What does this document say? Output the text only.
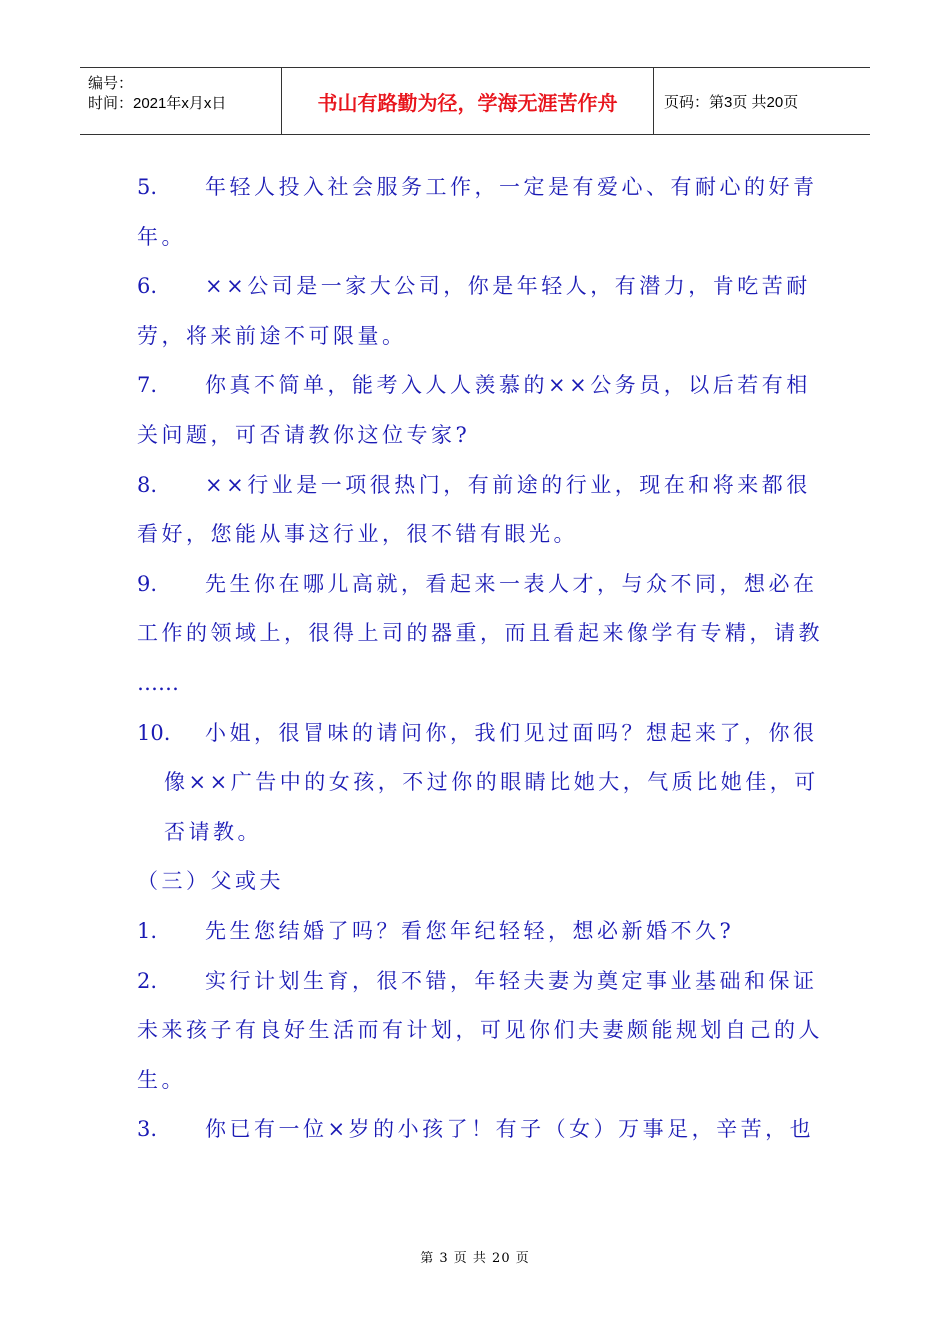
编号：
时间：2021年x月x日	书山有路勤为径，学海无涯苦作舟	页码：第3页 共20页

5. 年轻人投入社会服务工作，一定是有爱心、有耐心的好青
年。

6. ××公司是一家大公司，你是年轻人，有潜力，肯吃苦耐
劳，将来前途不可限量。

7. 你真不简单，能考入人人羡慕的××公务员，以后若有相
关问题，可否请教你这位专家?

8. ××行业是一项很热门，有前途的行业，现在和将来都很
看好，您能从事这行业，很不错有眼光。

9. 先生你在哪儿高就，看起来一表人才，与众不同，想必在
工作的领域上，很得上司的器重，而且看起来像学有专精，请教
……

10. 小姐，很冒味的请问你，我们见过面吗？想起来了，你很
像××广告中的女孩，不过你的眼睛比她大，气质比她佳，可
否请教。

（三）父或夫

1. 先生您结婚了吗？看您年纪轻轻，想必新婚不久?

2. 实行计划生育，很不错，年轻夫妻为奠定事业基础和保证
未来孩子有良好生活而有计划，可见你们夫妻颇能规划自己的人
生。

3. 你已有一位×岁的小孩了！有子（女）万事足，辛苦，也

第 3 页 共 20 页
